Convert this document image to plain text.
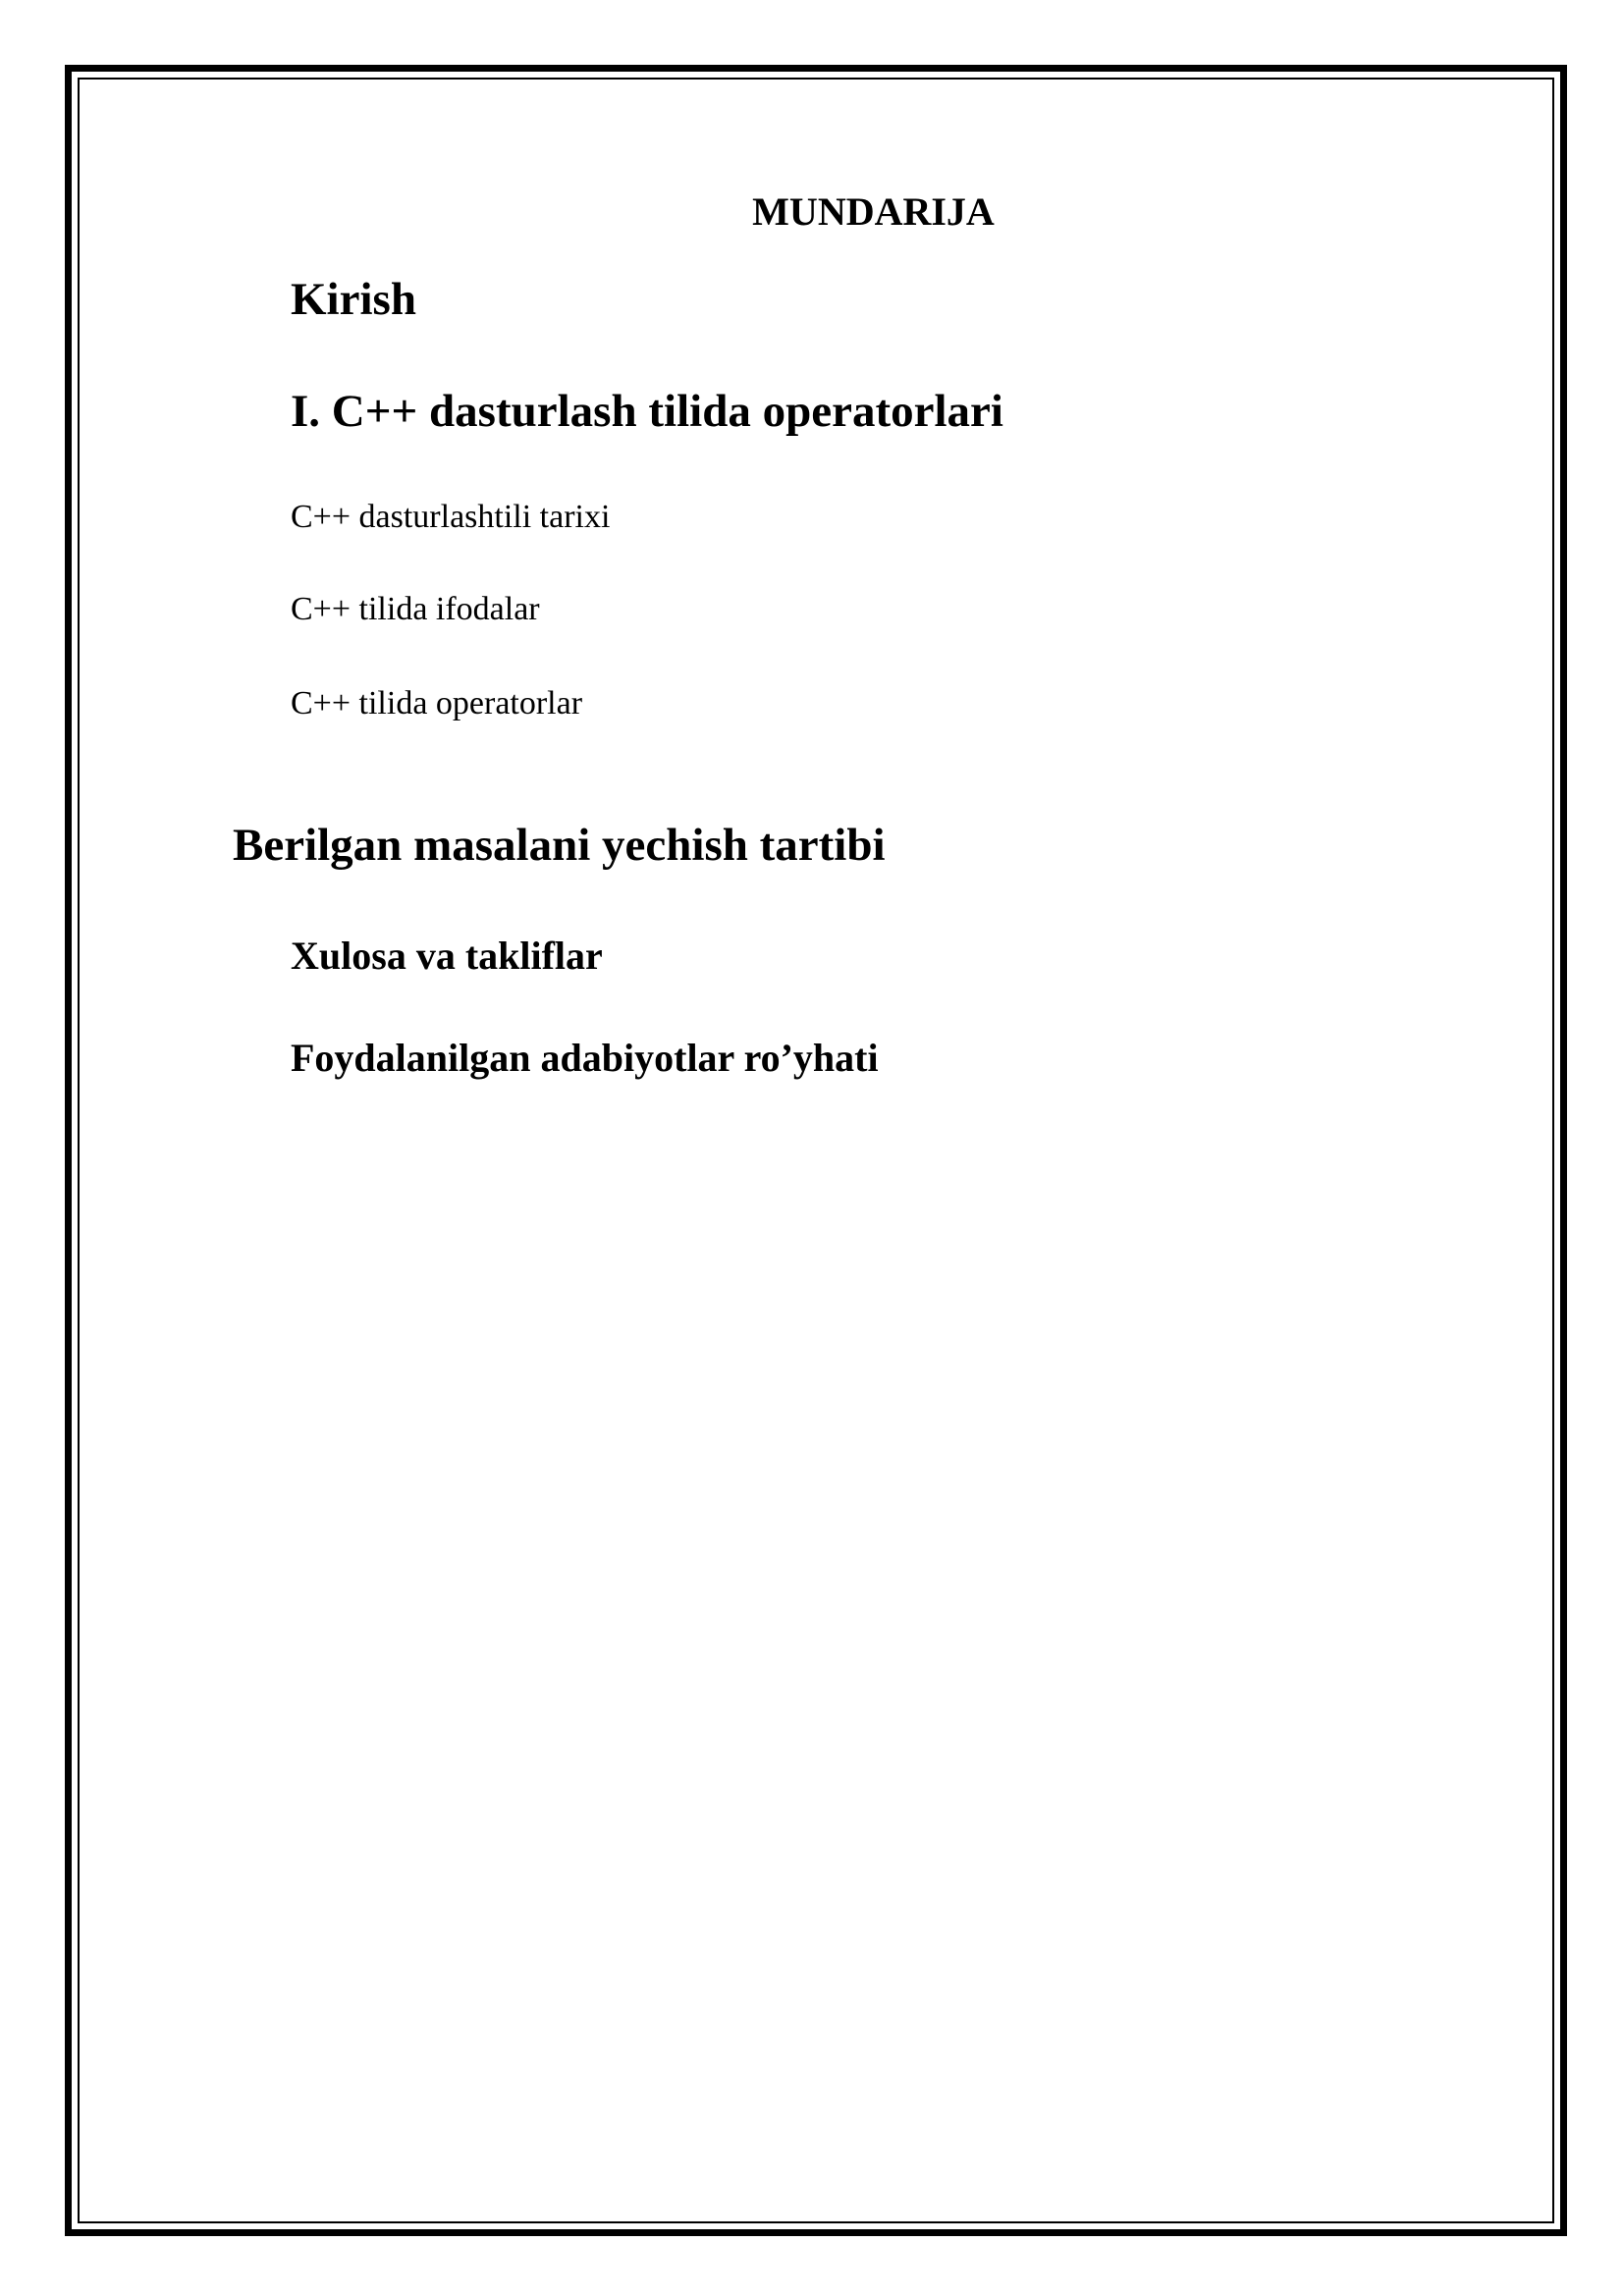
MUNDARIJA
Kirish
I. C++ dasturlash tilida operatorlari
C++ dasturlashtili tarixi
C++ tilida ifodalar
C++ tilida operatorlar
Berilgan masalani yechish tartibi
Xulosa va takliflar
Foydalanilgan adabiyotlar ro’yhati
